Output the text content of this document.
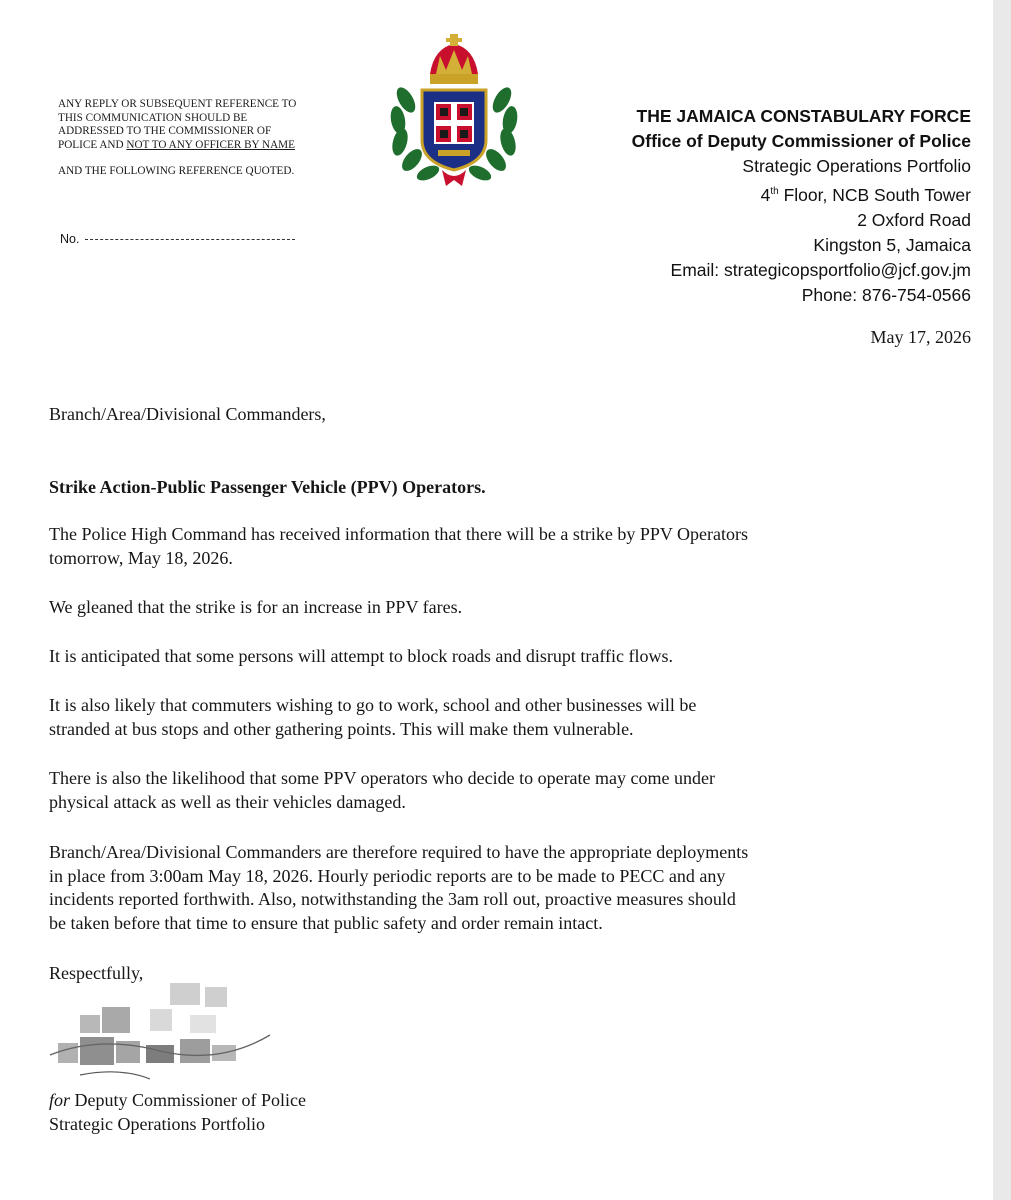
ANY REPLY OR SUBSEQUENT REFERENCE TO
THIS COMMUNICATION SHOULD BE
ADDRESSED TO THE COMMISSIONER OF
POLICE AND NOT TO ANY OFFICER BY NAME
AND THE FOLLOWING REFERENCE QUOTED.
No.
THE JAMAICA CONSTABULARY FORCE
Office of Deputy Commissioner of Police
Strategic Operations Portfolio
4th Floor, NCB South Tower
2 Oxford Road
Kingston 5, Jamaica
Email: strategicopsportfolio@jcf.gov.jm
Phone: 876-754-0566
May 17, 2026
Branch/Area/Divisional Commanders,
Strike Action-Public Passenger Vehicle (PPV) Operators.
The Police High Command has received information that there will be a strike by PPV Operators
tomorrow, May 18, 2026.
We gleaned that the strike is for an increase in PPV fares.
It is anticipated that some persons will attempt to block roads and disrupt traffic flows.
It is also likely that commuters wishing to go to work, school and other businesses will be
stranded at bus stops and other gathering points. This will make them vulnerable.
There is also the likelihood that some PPV operators who decide to operate may come under
physical attack as well as their vehicles damaged.
Branch/Area/Divisional Commanders are therefore required to have the appropriate deployments
in place from 3:00am May 18, 2026. Hourly periodic reports are to be made to PECC and any
incidents reported forthwith. Also, notwithstanding the 3am roll out, proactive measures should
be taken before that time to ensure that public safety and order remain intact.
Respectfully,
for Deputy Commissioner of Police
Strategic Operations Portfolio
